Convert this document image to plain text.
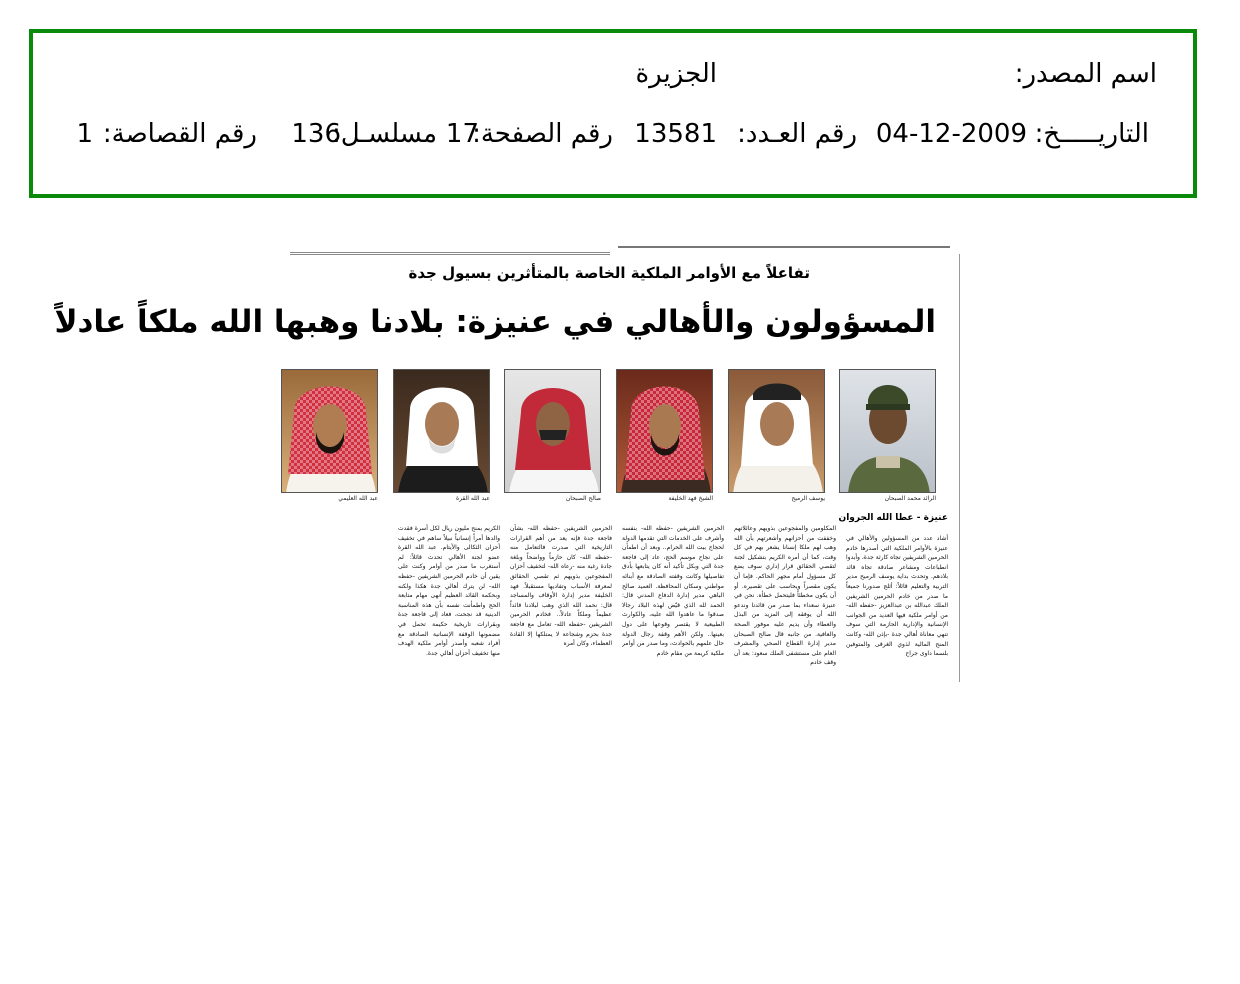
اسم المصدر:
الجزيرة
التاريـــــخ:
04-12-2009
رقم العـدد:
13581
رقم الصفحة:
17
مسلسـل:
136
رقم القصاصة:
1
تفاعلاً مع الأوامر الملكية الخاصة بالمتأثرين بسيول جدة
المسؤولون والأهالي في عنيزة: بلادنا وهبها الله ملكاً عادلاً
الرائد محمد الصبحان
يوسف الرميح
الشيخ فهد الخليفة
صالح الصبحان
عبد الله القرة
عبد الله العليمي
عنيزة - عطا الله الجروان
أشاد عدد من المسؤولين والأهالي في عنيزة بالأوامر الملكية التي أصدرها خادم الحرمين الشريفين تجاه كارثة جدة، وأبدوا انطباعات ومشاعر صادقة تجاه قائد بلادهم. وتحدث بداية يوسف الرميح مدير التربية والتعليم قائلاً: أثلج صدورنا جميعاً ما صدر من خادم الحرمين الشريفين الملك عبدالله بن عبدالعزيز -حفظه الله- من أوامر ملكية فيها العديد من الجوانب الإنسانية والإدارية الحازمة التي سوف تنهي معاناة أهالي جدة -بإذن الله- وكانت المنح المالية لذوي الغرقى والمتوفين بلسما داوى جراح
المكلومين والمفجوعين بذويهم وعائلاتهم وخففت من أحزانهم وأشعرتهم بأن الله وهب لهم ملكا إنسانا يشعر بهم في كل وقت، كما أن أمره الكريم بتشكيل لجنة لتقصي الحقائق قرار إداري سوف يضع كل مسؤول أمام مجهر الحاكم. فإما أن يكون مقصراً ويحاسب على تقصيره. أو أن يكون مخطئاً فليتحمل خطأه. نحن في عنيزة سعداء بما صدر من قائدنا وندعو الله أن يوفقه إلى المزيد من البذل والعطاء وأن يديم عليه موفور الصحة والعافية. من جانبه قال صالح الصبحان مدير إدارة القطاع الصحي والمشرف العام على مستشفى الملك سعود: بعد أن وقف خادم
الحرمين الشريفين -حفظه الله- بنفسه وأشرف على الخدمات التي تقدمها الدولة لحجاج بيت الله الحرام.. وبعد أن اطمأن على نجاح موسم الحج، عاد إلى فاجعة جدة التي وبكل تأكيد أنه كان يتابعها بأدق تفاصيلها وكانت وقفته الصادقة مع أبنائه مواطني وسكان المحافظة. العميد صالح الباهي مدير إدارة الدفاع المدني قال: الحمد لله الذي قيّض لهذه البلاد رجالا صدقوا ما عاهدوا الله عليه، والكوارث الطبيعية لا يقتصر وقوعها على دول بعينها.. ولكن الأهم وقفة رجال الدولة حال علمهم بالحوادث، وما صدر من أوامر ملكية كريمة من مقام خادم
الحرمين الشريفين -حفظه الله- بشأن فاجعة جدة فإنه يعد من أهم القرارات التاريخية التي صدرت فالتعامل منه -حفظه الله- كان حازماً وواضحاً وبلغة جادة رغبة منه -رعاه الله- لتخفيف أحزان المفجوعين بذويهم ثم تقصي الحقائق لمعرفة الأسباب وتفاديها مستقبلاً. فهد الخليفة مدير إدارة الأوقاف والمساجد قال: نحمد الله الذي وهب لبلادنا قائداً عظيماً وملكاً عادلاً.. فخادم الحرمين الشريفين -حفظه الله- تعامل مع فاجعة جدة بحزم وشجاعة لا يمتلكها إلا القادة العظماء، وكان أمره
الكريم بمنح مليون ريال لكل أسرة فقدت والدها أمراً إنسانياً نبيلاً ساهم في تخفيف أحزان الثكالى والأيتام. عبد الله القرة عضو لجنة الأهالي تحدث قائلاً: لم أستغرب ما صدر من أوامر وكنت على يقين أن خادم الحرمين الشريفين -حفظه الله- لن يترك أهالي جدة هكذا ولكنه وبحكمة القائد العظيم أنهى مهام متابعة الحج واطمأنت نفسه بأن هذه المناسبة الدينية قد نجحت، فعاد إلى فاجعة جدة وبقرارات تاريخية حكيمة تحمل في مضمونها الوقفة الإنسانية الصادقة مع أفراد شعبه وأصدر أوامر ملكية الهدف منها تخفيف أحزان أهالي جدة.
